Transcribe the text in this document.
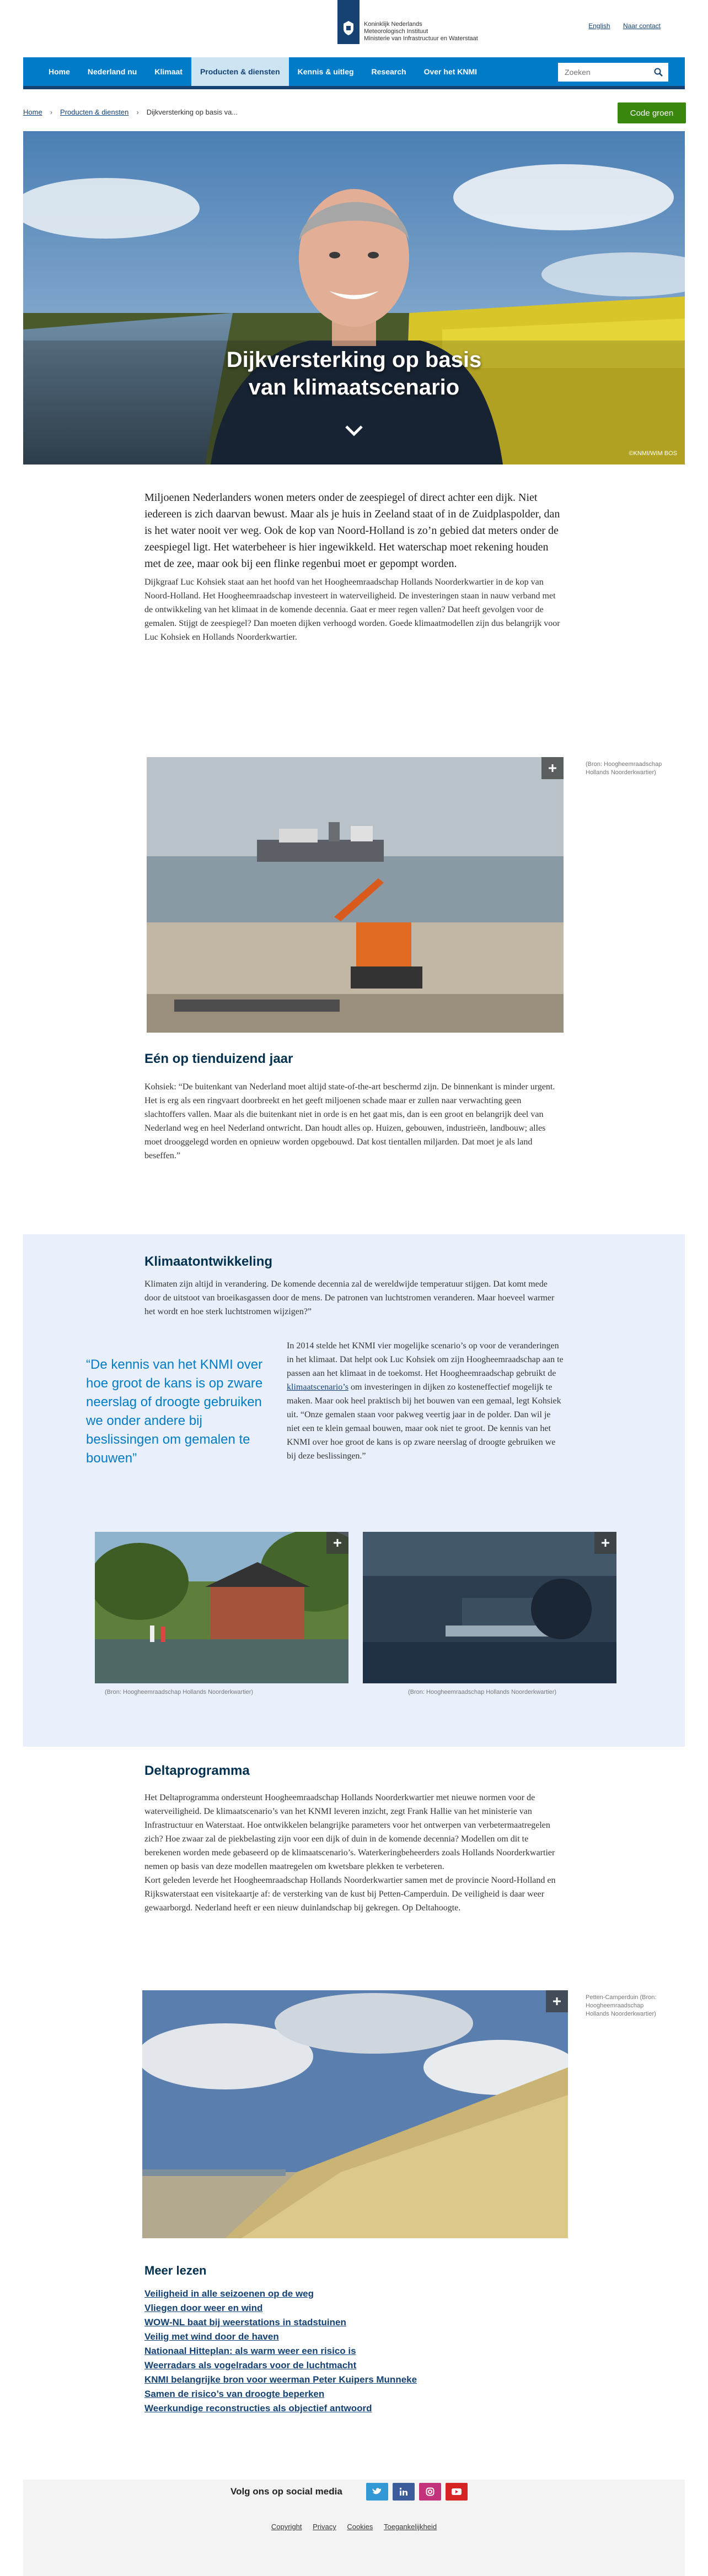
Koninklijk Nederlands
Meteorologisch Instituut
Ministerie van Infrastructuur en Waterstaat
English Naar contact
Home	Nederland nu	Klimaat	Producten & diensten	Kennis & uitleg	Research	Over het KNMI
Zoeken
Home › Producten & diensten › Dijkversterking op basis va...	Code groen
Dijkversterking op basis van klimaatscenario
©KNMI/WIM BOS

Miljoenen Nederlanders wonen meters onder de zeespiegel of direct achter een dijk. Niet iedereen is zich daarvan bewust. Maar als je huis in Zeeland staat of in de Zuidplaspolder, dan is het water nooit ver weg. Ook de kop van Noord-Holland is zo’n gebied dat meters onder de zeespiegel ligt. Het waterbeheer is hier ingewikkeld. Het waterschap moet rekening houden met de zee, maar ook bij een flinke regenbui moet er gepompt worden.

Dijkgraaf Luc Kohsiek staat aan het hoofd van het Hoogheemraadschap Hollands Noorderkwartier in de kop van Noord-Holland. Het Hoogheemraadschap investeert in waterveiligheid. De investeringen staan in nauw verband met de ontwikkeling van het klimaat in de komende decennia. Gaat er meer regen vallen? Dat heeft gevolgen voor de gemalen. Stijgt de zeespiegel? Dan moeten dijken verhoogd worden. Goede klimaatmodellen zijn dus belangrijk voor Luc Kohsiek en Hollands Noorderkwartier.

(Bron: Hoogheemraadschap Hollands Noorderkwartier)
Eén op tienduizend jaar

Kohsiek: “De buitenkant van Nederland moet altijd state-of-the-art beschermd zijn. De binnenkant is minder urgent. Het is erg als een ringvaart doorbreekt en het geeft miljoenen schade maar er zullen naar verwachting geen slachtoffers vallen. Maar als die buitenkant niet in orde is en het gaat mis, dan is een groot en belangrijk deel van Nederland weg en heel Nederland ontwricht. Dan houdt alles op. Huizen, gebouwen, industrieën, landbouw; alles moet drooggelegd worden en opnieuw worden opgebouwd. Dat kost tientallen miljarden. Dat moet je als land beseffen.”

Klimaatontwikkeling

Klimaten zijn altijd in verandering. De komende decennia zal de wereldwijde temperatuur stijgen. Dat komt mede door de uitstoot van broeikasgassen door de mens. De patronen van luchtstromen veranderen. Maar hoeveel warmer het wordt en hoe sterk luchtstromen wijzigen?”

“De kennis van het KNMI over hoe groot de kans is op zware neerslag of droogte gebruiken we onder andere bij beslissingen om gemalen te bouwen”

In 2014 stelde het KNMI vier mogelijke scenario’s op voor de veranderingen in het klimaat. Dat helpt ook Luc Kohsiek om zijn Hoogheemraadschap aan te passen aan het klimaat in de toekomst. Het Hoogheemraadschap gebruikt de klimaatscenario’s om investeringen in dijken zo kosteneffectief mogelijk te maken. Maar ook heel praktisch bij het bouwen van een gemaal, legt Kohsiek uit. “Onze gemalen staan voor pakweg veertig jaar in de polder. Dan wil je niet een te klein gemaal bouwen, maar ook niet te groot. De kennis van het KNMI over hoe groot de kans is op zware neerslag of droogte gebruiken we bij deze beslissingen.”

(Bron: Hoogheemraadschap Hollands Noorderkwartier)	(Bron: Hoogheemraadschap Hollands Noorderkwartier)
Deltaprogramma

Het Deltaprogramma ondersteunt Hoogheemraadschap Hollands Noorderkwartier met nieuwe normen voor de waterveiligheid. De klimaatscenario’s van het KNMI leveren inzicht, zegt Frank Hallie van het ministerie van Infrastructuur en Waterstaat. Hoe ontwikkelen belangrijke parameters voor het ontwerpen van verbetermaatregelen zich? Hoe zwaar zal de piekbelasting zijn voor een dijk of duin in de komende decennia? Modellen om dit te berekenen worden mede gebaseerd op de klimaatscenario’s. Waterkeringbeheerders zoals Hollands Noorderkwartier nemen op basis van deze modellen maatregelen om kwetsbare plekken te verbeteren.

Kort geleden leverde het Hoogheemraadschap Hollands Noorderkwartier samen met de provincie Noord-Holland en Rijkswaterstaat een visitekaartje af: de versterking van de kust bij Petten-Camperduin. De veiligheid is daar weer gewaarborgd. Nederland heeft er een nieuw duinlandschap bij gekregen. Op Deltahoogte.

Petten-Camperduin (Bron: Hoogheemraadschap Hollands Noorderkwartier)
Meer lezen
Veiligheid in alle seizoenen op de weg
Vliegen door weer en wind
WOW-NL baat bij weerstations in stadstuinen
Veilig met wind door de haven
Nationaal Hitteplan: als warm weer een risico is
Weerradars als vogelradars voor de luchtmacht
KNMI belangrijke bron voor weerman Peter Kuipers Munneke
Samen de risico’s van droogte beperken
Weerkundige reconstructies als objectief antwoord
Volg ons op social media
Copyright Privacy Cookies Toegankelijkheid
